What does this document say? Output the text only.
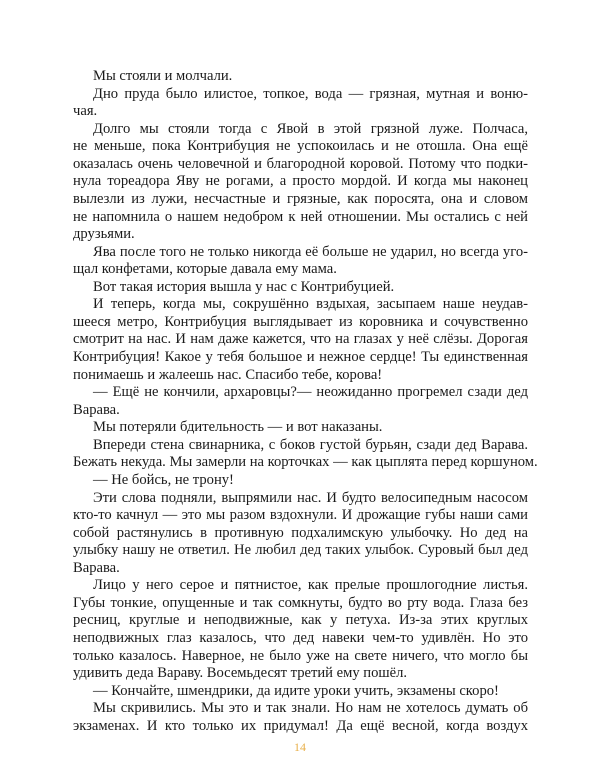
Мы стояли и молчали.
Дно пруда было илистое, топкое, вода — грязная, мутная и воню-
чая.
Долго мы стояли тогда с Явой в этой грязной луже. Полчаса,
не меньше, пока Контрибуция не успокоилась и не отошла. Она ещё
оказалась очень человечной и благородной коровой. Потому что подки-
нула тореадора Яву не рогами, а просто мордой. И когда мы наконец
вылезли из лужи, несчастные и грязные, как поросята, она и словом
не напомнила о нашем недобром к ней отношении. Мы остались с ней
друзьями.
Ява после того не только никогда её больше не ударил, но всегда уго-
щал конфетами, которые давала ему мама.
Вот такая история вышла у нас с Контрибуцией.
И теперь, когда мы, сокрушённо вздыхая, засыпаем наше неудав-
шееся метро, Контрибуция выглядывает из коровника и сочувственно
смотрит на нас. И нам даже кажется, что на глазах у неё слёзы. Дорогая
Контрибуция! Какое у тебя большое и нежное сердце! Ты единственная
понимаешь и жалеешь нас. Спасибо тебе, корова!
— Ещё не кончили, архаровцы?— неожиданно прогремел сзади дед
Варава.
Мы потеряли бдительность — и вот наказаны.
Впереди стена свинарника, с боков густой бурьян, сзади дед Варава.
Бежать некуда. Мы замерли на корточках — как цыплята перед коршуном.
— Не бойсь, не трону!
Эти слова подняли, выпрямили нас. И будто велосипедным насосом
кто-то качнул — это мы разом вздохнули. И дрожащие губы наши сами
собой растянулись в противную подхалимскую улыбочку. Но дед на
улыбку нашу не ответил. Не любил дед таких улыбок. Суровый был дед
Варава.
Лицо у него серое и пятнистое, как прелые прошлогодние листья.
Губы тонкие, опущенные и так сомкнуты, будто во рту вода. Глаза без
ресниц, круглые и неподвижные, как у петуха. Из-за этих круглых
неподвижных глаз казалось, что дед навеки чем-то удивлён. Но это
только казалось. Наверное, не было уже на свете ничего, что могло бы
удивить деда Вараву. Восемьдесят третий ему пошёл.
— Кончайте, шмендрики, да идите уроки учить, экзамены скоро!
Мы скривились. Мы это и так знали. Но нам не хотелось думать об
экзаменах. И кто только их придумал! Да ещё весной, когда воздух
14
